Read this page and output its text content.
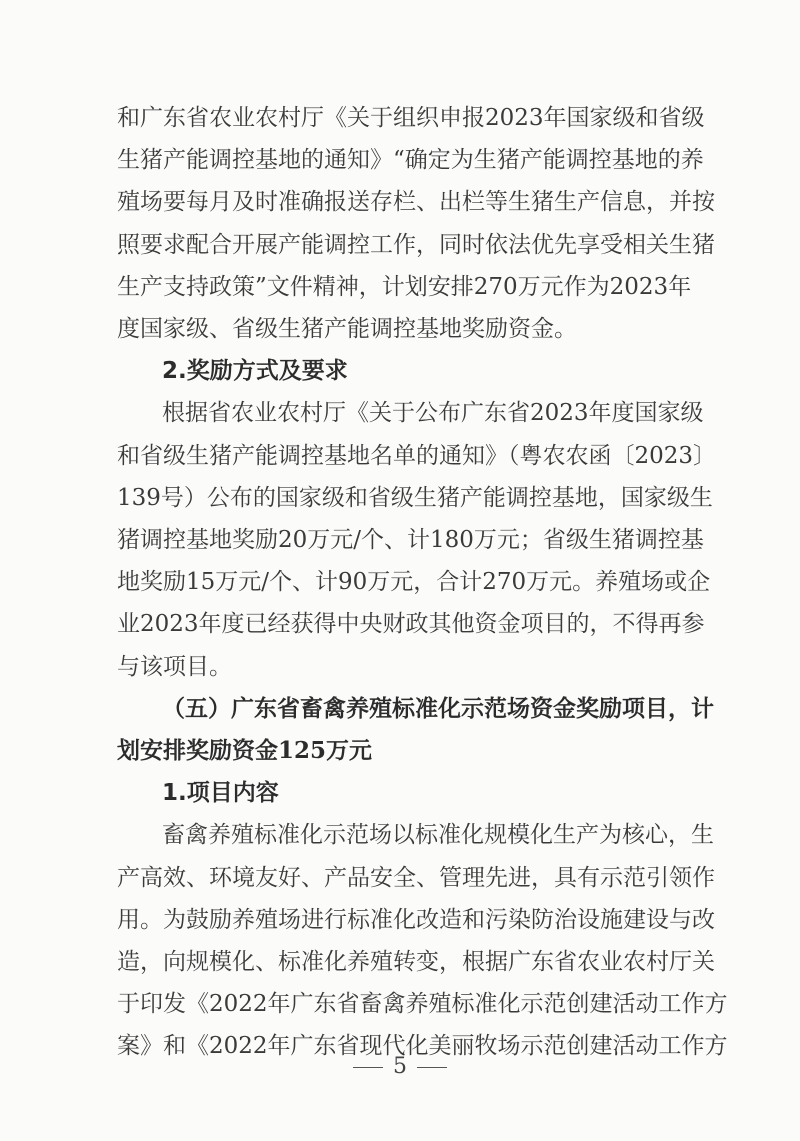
和广东省农业农村厅《关于组织申报2023年国家级和省级
生猪产能调控基地的通知》“确定为生猪产能调控基地的养
殖场要每月及时准确报送存栏、出栏等生猪生产信息，并按
照要求配合开展产能调控工作，同时依法优先享受相关生猪
生产支持政策”文件精神，计划安排270万元作为2023年
度国家级、省级生猪产能调控基地奖励资金。
2.奖励方式及要求
根据省农业农村厅《关于公布广东省2023年度国家级
和省级生猪产能调控基地名单的通知》（粤农农函〔2023〕
139号）公布的国家级和省级生猪产能调控基地，国家级生
猪调控基地奖励20万元/个、计180万元；省级生猪调控基
地奖励15万元/个、计90万元，合计270万元。养殖场或企
业2023年度已经获得中央财政其他资金项目的，不得再参
与该项目。
（五）广东省畜禽养殖标准化示范场资金奖励项目，计
划安排奖励资金125万元
1.项目内容
畜禽养殖标准化示范场以标准化规模化生产为核心，生
产高效、环境友好、产品安全、管理先进，具有示范引领作
用。为鼓励养殖场进行标准化改造和污染防治设施建设与改
造，向规模化、标准化养殖转变，根据广东省农业农村厅关
于印发《2022年广东省畜禽养殖标准化示范创建活动工作方
案》和《2022年广东省现代化美丽牧场示范创建活动工作方
5
